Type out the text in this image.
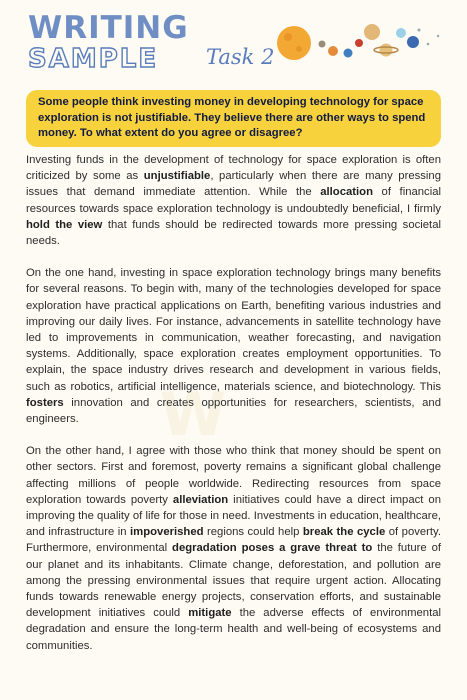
WRITING
SAMPLE Task 2
Some people think investing money in developing technology for space exploration is not justifiable. They believe there are other ways to spend money. To what extent do you agree or disagree?
W

Investing funds in the development of technology for space exploration is often criticized by some as unjustifiable, particularly when there are many pressing issues that demand immediate attention. While the allocation of financial resources towards space exploration technology is undoubtedly beneficial, I firmly hold the view that funds should be redirected towards more pressing societal needs.

On the one hand, investing in space exploration technology brings many benefits for several reasons. To begin with, many of the technologies developed for space exploration have practical applications on Earth, benefiting various industries and improving our daily lives. For instance, advancements in satellite technology have led to improvements in communication, weather forecasting, and navigation systems. Additionally, space exploration creates employment opportunities. To explain, the space industry drives research and development in various fields, such as robotics, artificial intelligence, materials science, and biotechnology. This fosters innovation and creates opportunities for researchers, scientists, and engineers.

On the other hand, I agree with those who think that money should be spent on other sectors. First and foremost, poverty remains a significant global challenge affecting millions of people worldwide. Redirecting resources from space exploration towards poverty alleviation initiatives could have a direct impact on improving the quality of life for those in need. Investments in education, healthcare, and infrastructure in impoverished regions could help break the cycle of poverty. Furthermore, environmental degradation poses a grave threat to the future of our planet and its inhabitants. Climate change, deforestation, and pollution are among the pressing environmental issues that require urgent action. Allocating funds towards renewable energy projects, conservation efforts, and sustainable development initiatives could mitigate the adverse effects of environmental degradation and ensure the long-term health and well-being of ecosystems and communities.
